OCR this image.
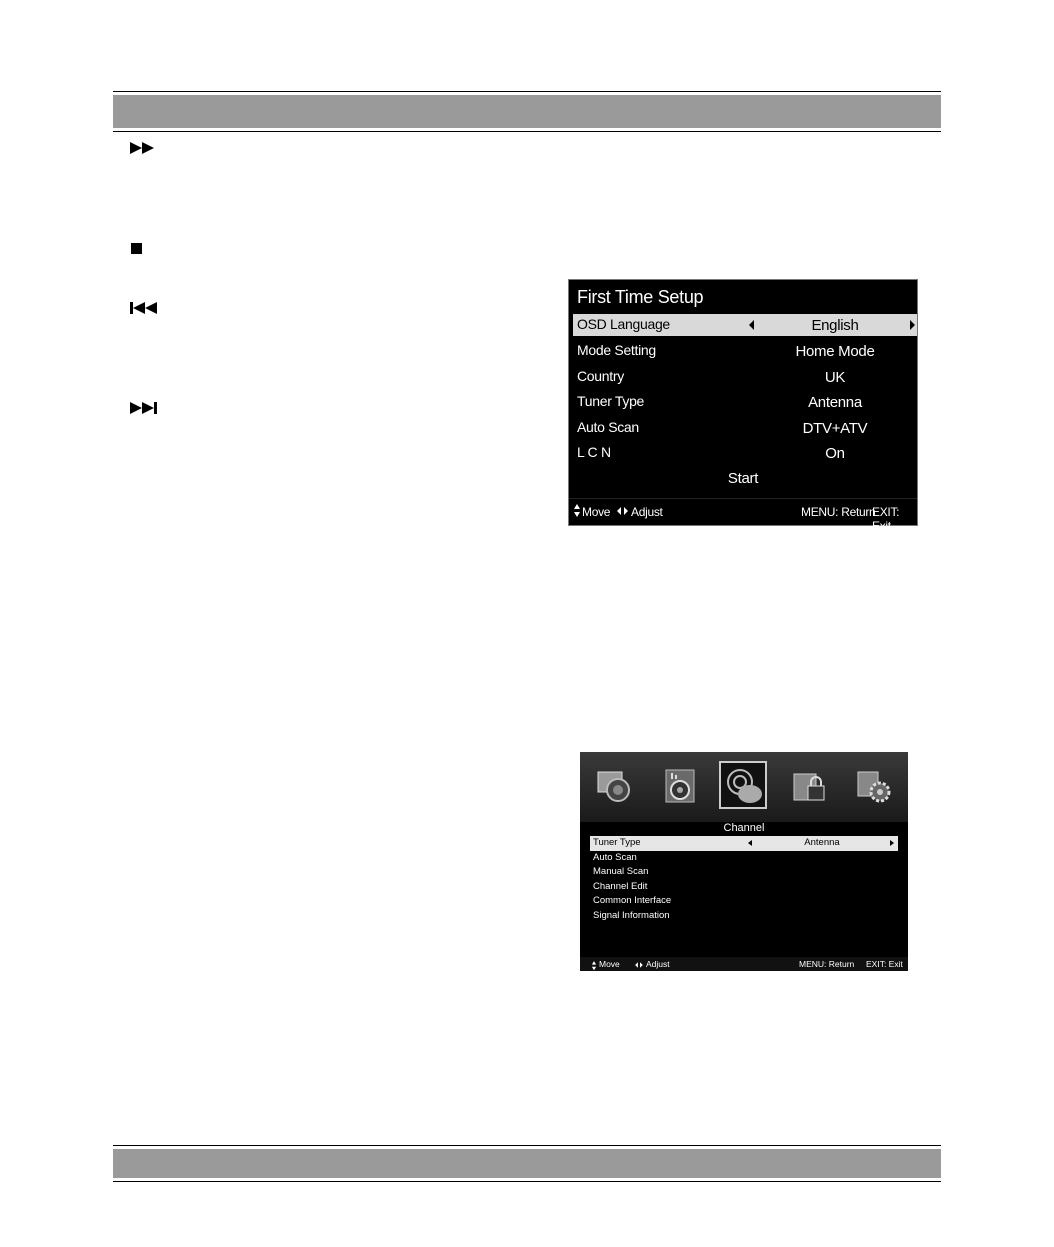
First Time Setup
OSD Language	English
Mode Setting	Home Mode
Country	UK
Tuner Type	Antenna
Auto Scan	DTV+ATV
L C N	On
Start
Move Adjust	MENU: Return
EXIT: Exit
Channel
Tuner Type	Antenna
Auto Scan
Manual Scan
Channel Edit
Common Interface
Signal Information
Move	Adjust	MENU: Return EXIT: Exit
